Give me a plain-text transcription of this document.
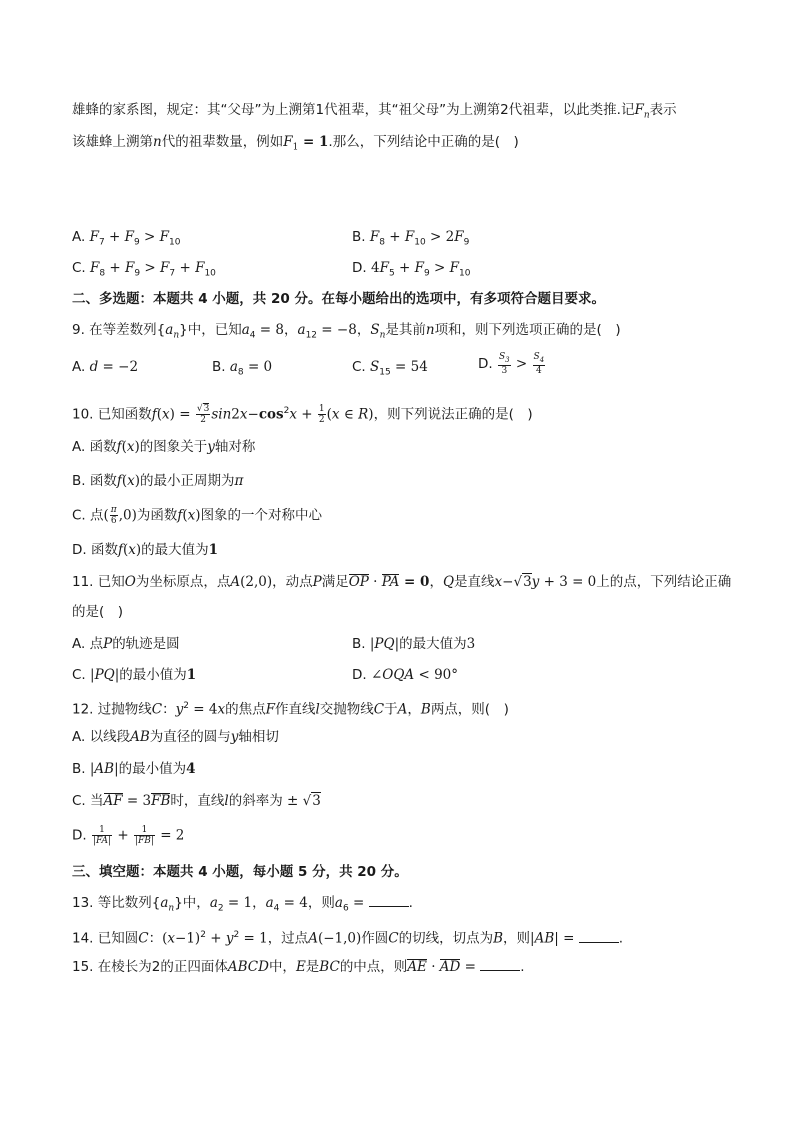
雄蜂的家系图，规定：其“父母”为上溯第1代祖辈，其“祖父母”为上溯第2代祖辈，以此类推.记$F_n$表示
该雄蜂上溯第n代的祖辈数量，例如$F_1 = 1$.那么，下列结论中正确的是(　)
A. $F_7 + F_9 > F_{10}$	B. $F_8 + F_{10} > 2F_9$
C. $F_8 + F_9 > F_7 + F_{10}$	D. $4F_5 + F_9 > F_{10}$
二、多选题：本题共 4 小题，共 20 分。在每小题给出的选项中，有多项符合题目要求。
9. 在等差数列$\{a_n\}$中，已知$a_4 = 8$，$a_{12} = -8$，$S_n$是其前n项和，则下列选项正确的是(　)
A. d = −2	B. $a_8 = 0$	C. $S_{15} = 54$	D. $\frac{S_3}{3} > \frac{S_4}{4}$
10. 已知函数$f(x) = \frac{√3}{2} \sin 2x-\cos^2x + \frac{1}{2} (x$ ∈ R)，则下列说法正确的是(　)
A. 函数f(x)的图象关于y轴对称
B. 函数f(x)的最小正周期为π
C. 点( $\frac{\pi}{6} ,0$)为函数f(x)图象的一个对称中心
D. 函数f(x)的最大值为1
11. 已知O为坐标原点，点A(2,0)，动点P满足OP · PA = 0，Q是直线x−√3y + 3 = 0上的点，下列结论正确
的是(　)
A. 点P的轨迹是圆	B. |PQ|的最大值为3
C. |PQ|的最小值为1	D. ∠OQA < 90°
12. 过抛物线C：$y^2 = 4x$的焦点F作直线l交抛物线C于A，B两点，则(　)
A. 以线段AB为直径的圆与y轴相切
B. |AB|的最小值为4
C. 当AF = 3FB时，直线l的斜率为 ± √3
D. $\frac{1}{|FA|} + \frac{1}{|FB|} = 2$
三、填空题：本题共 4 小题，每小题 5 分，共 20 分。
13. 等比数列$\{a_n\}$中，$a_2 = 1$，$a_4 = 4$，则$a_6$ =	.
14. 已知圆C：$(x-1)^2 + y^2 = 1$，过点A(−1,0)作圆C的切线，切点为B，则|AB| =	.
15. 在棱长为2的正四面体ABCD中，E是BC的中点，则AE · AD =	.
